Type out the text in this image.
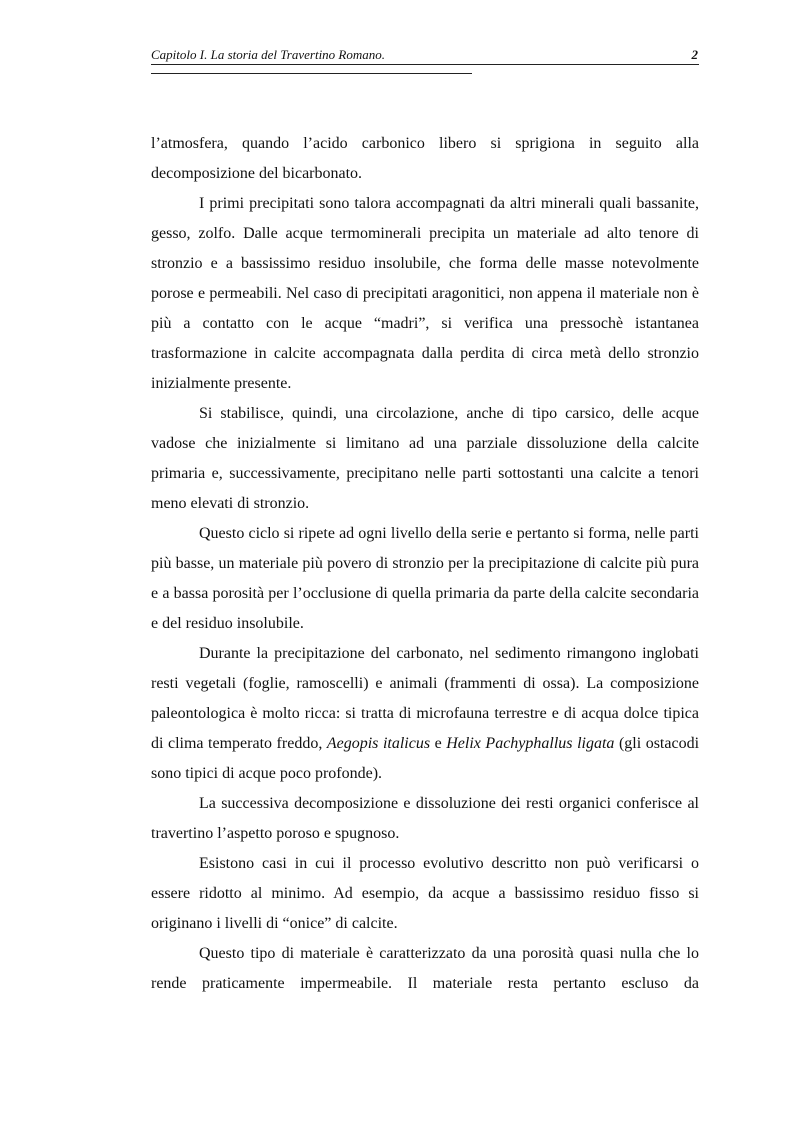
Capitolo I. La storia del Travertino Romano.	2

l’atmosfera, quando l’acido carbonico libero si sprigiona in seguito alla decomposizione del bicarbonato.

I primi precipitati sono talora accompagnati da altri minerali quali bassanite, gesso, zolfo. Dalle acque termominerali precipita un materiale ad alto tenore di stronzio e a bassissimo residuo insolubile, che forma delle masse notevolmente porose e permeabili. Nel caso di precipitati aragonitici, non appena il materiale non è più a contatto con le acque “madri”, si verifica una pressochè istantanea trasformazione in calcite accompagnata dalla perdita di circa metà dello stronzio inizialmente presente.

Si stabilisce, quindi, una circolazione, anche di tipo carsico, delle acque vadose che inizialmente si limitano ad una parziale dissoluzione della calcite primaria e, successivamente, precipitano nelle parti sottostanti una calcite a tenori meno elevati di stronzio.

Questo ciclo si ripete ad ogni livello della serie e pertanto si forma, nelle parti più basse, un materiale più povero di stronzio per la precipitazione di calcite più pura e a bassa porosità per l’occlusione di quella primaria da parte della calcite secondaria e del residuo insolubile.

Durante la precipitazione del carbonato, nel sedimento rimangono inglobati resti vegetali (foglie, ramoscelli) e animali (frammenti di ossa). La composizione paleontologica è molto ricca: si tratta di microfauna terrestre e di acqua dolce tipica di clima temperato freddo, Aegopis italicus e Helix Pachyphallus ligata (gli ostacodi sono tipici di acque poco profonde).

La successiva decomposizione e dissoluzione dei resti organici conferisce al travertino l’aspetto poroso e spugnoso.

Esistono casi in cui il processo evolutivo descritto non può verificarsi o essere ridotto al minimo. Ad esempio, da acque a bassissimo residuo fisso si originano i livelli di “onice” di calcite.

Questo tipo di materiale è caratterizzato da una porosità quasi nulla che lo rende praticamente impermeabile. Il materiale resta pertanto escluso da
